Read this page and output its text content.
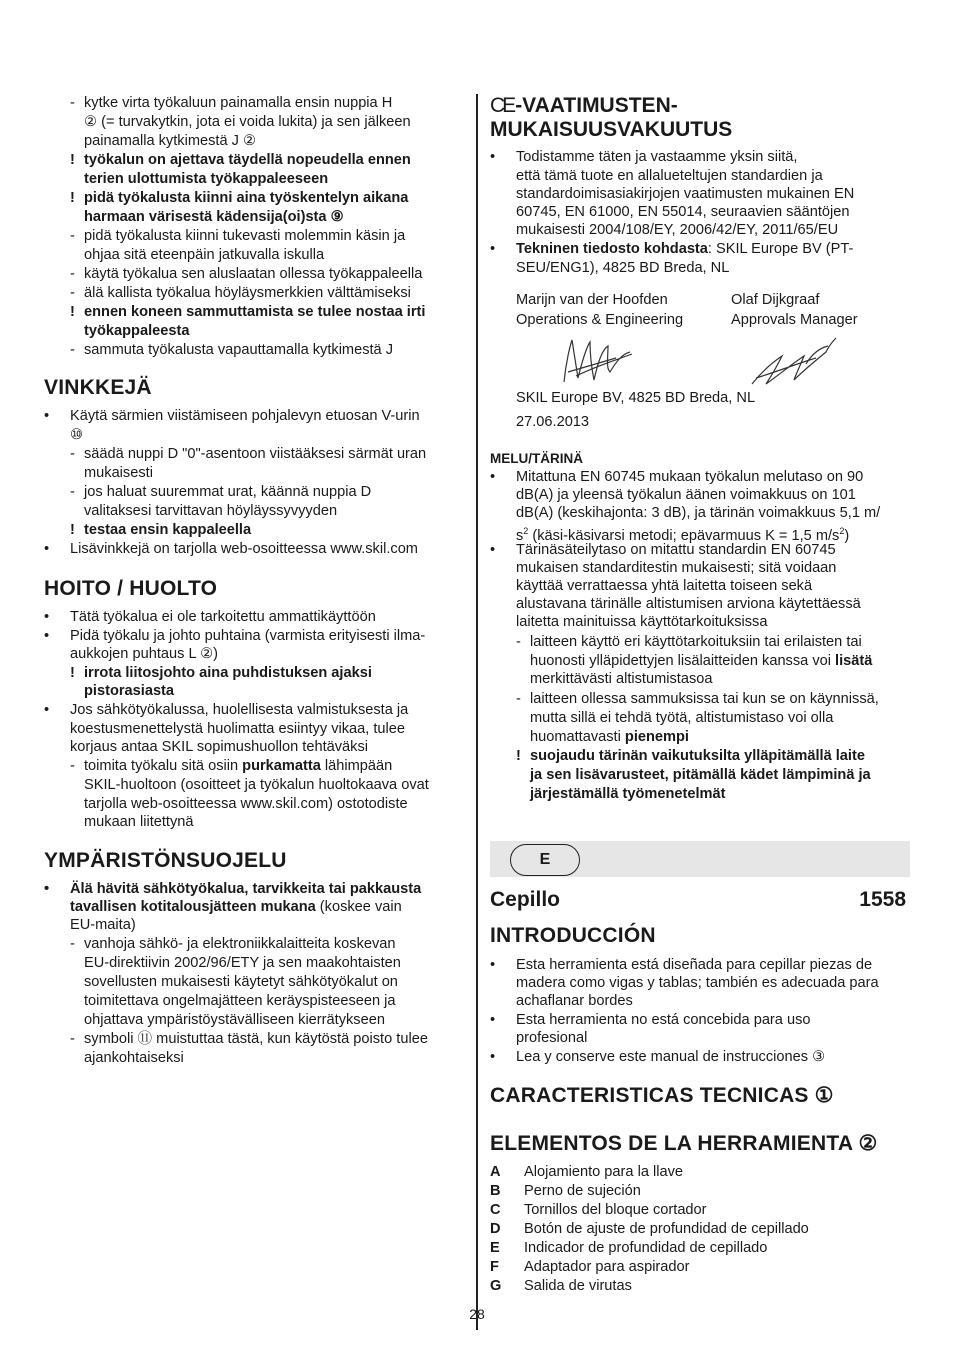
- kytke virta työkaluun painamalla ensin nuppia H
② (= turvakytkin, jota ei voida lukita) ja sen jälkeen
painamalla kytkimestä J ②
! työkalun on ajettava täydellä nopeudella ennen
terien ulottumista työkappaleeseen
! pidä työkalusta kiinni aina työskentelyn aikana
harmaan värisestä kädensija(oi)sta ⑨
- pidä työkalusta kiinni tukevasti molemmin käsin ja
ohjaa sitä eteenpäin jatkuvalla iskulla
- käytä työkalua sen aluslaatan ollessa työkappaleella
- älä kallista työkalua höyläysmerkkien välttämiseksi
! ennen koneen sammuttamista se tulee nostaa irti
työkappaleesta
- sammuta työkalusta vapauttamalla kytkimestä J
VINKKEJÄ
• Käytä särmien viistämiseen pohjalevyn etuosan V-urin
⑩
- säädä nuppi D "0"-asentoon viistääksesi särmät uran
mukaisesti
- jos haluat suuremmat urat, käännä nuppia D
valitaksesi tarvittavan höyläyssyvyyden
! testaa ensin kappaleella
• Lisävinkkejä on tarjolla web-osoitteessa www.skil.com
HOITO / HUOLTO
• Tätä työkalua ei ole tarkoitettu ammattikäyttöön
• Pidä työkalu ja johto puhtaina (varmista erityisesti ilma-
aukkojen puhtaus L ②)
! irrota liitosjohto aina puhdistuksen ajaksi
pistorasiasta
• Jos sähkötyökalussa, huolellisesta valmistuksesta ja
koestusmenettelystä huolimatta esiintyy vikaa, tulee
korjaus antaa SKIL sopimushuollon tehtäväksi
- toimita työkalu sitä osiin purkamatta lähimpään
SKIL-huoltoon (osoitteet ja työkalun huoltokaava ovat
tarjolla web-osoitteessa www.skil.com) ostotodiste
mukaan liitettynä
YMPÄRISTÖNSUOJELU
• Älä hävitä sähkötyökalua, tarvikkeita tai pakkausta
tavallisen kotitalousjätteen mukana (koskee vain
EU-maita)
- vanhoja sähkö- ja elektroniikkalaitteita koskevan
EU-direktiivin 2002/96/ETY ja sen maakohtaisten
sovellusten mukaisesti käytetyt sähkötyökalut on
toimitettava ongelmajätteen keräyspisteeseen ja
ohjattava ympäristöystävälliseen kierrätykseen
- symboli ⑪ muistuttaa tästä, kun käytöstä poisto tulee
ajankohtaiseksi
CE-VAATIMUSTEN-
MUKAISUUSVAKUUTUS
• Todistamme täten ja vastaamme yksin siitä,
että tämä tuote en allalueteltujen standardien ja
standardoimisasiakirjojen vaatimusten mukainen EN
60745, EN 61000, EN 55014, seuraavien sääntöjen
mukaisesti 2004/108/EY, 2006/42/EY, 2011/65/EU
• Tekninen tiedosto kohdasta: SKIL Europe BV (PT-
SEU/ENG1), 4825 BD Breda, NL
Marijn van der Hoofden
Operations & Engineering
Olaf Dijkgraaf
Approvals Manager
SKIL Europe BV, 4825 BD Breda, NL
27.06.2013
MELU/TÄRINÄ
• Mitattuna EN 60745 mukaan työkalun melutaso on 90
dB(A) ja yleensä työkalun äänen voimakkuus on 101
dB(A) (keskihajonta: 3 dB), ja tärinän voimakkuus 5,1 m/
$s^2$ (käsi-käsivarsi metodi; epävarmuus K = 1,5 $m/s^2$)
• Tärinäsäteilytaso on mitattu standardin EN 60745
mukaisen standarditestin mukaisesti; sitä voidaan
käyttää verrattaessa yhtä laitetta toiseen sekä
alustavana tärinälle altistumisen arviona käytettäessä
laitetta mainituissa käyttötarkoituksissa
- laitteen käyttö eri käyttötarkoituksiin tai erilaisten tai
huonosti ylläpidettyjen lisälaitteiden kanssa voi lisätä
merkittävästi altistumistasoa
- laitteen ollessa sammuksissa tai kun se on käynnissä,
mutta sillä ei tehdä työtä, altistumistaso voi olla
huomattavasti pienempi
! suojaudu tärinän vaikutuksilta ylläpitämällä laite
ja sen lisävarusteet, pitämällä kädet lämpiminä ja
järjestämällä työmenetelmät
E
Cepillo	1558
INTRODUCCIÓN
• Esta herramienta está diseñada para cepillar piezas de
madera como vigas y tablas; también es adecuada para
achaflanar bordes
• Esta herramienta no está concebida para uso
profesional
• Lea y conserve este manual de instrucciones ③
CARACTERISTICAS TECNICAS ①
ELEMENTOS DE LA HERRAMIENTA ②
A Alojamiento para la llave
B Perno de sujeción
C Tornillos del bloque cortador
D Botón de ajuste de profundidad de cepillado
E Indicador de profundidad de cepillado
F Adaptador para aspirador
G Salida de virutas
28
